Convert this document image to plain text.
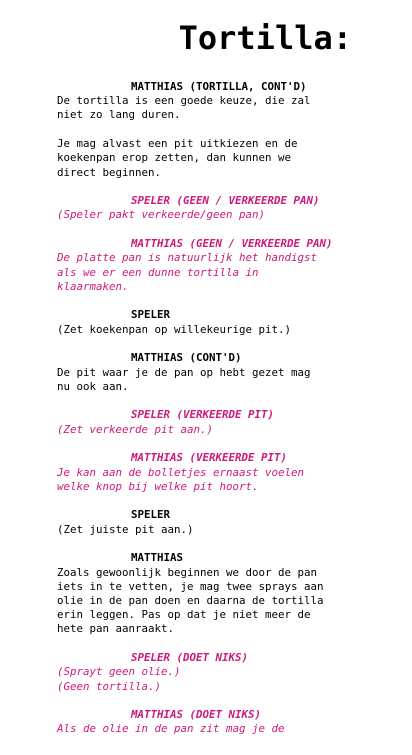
Tortilla:
MATTHIAS (TORTILLA, CONT'D)
De tortilla is een goede keuze, die zal
niet zo lang duren.
Je mag alvast een pit uitkiezen en de
koekenpan erop zetten, dan kunnen we
direct beginnen.
SPELER (GEEN / VERKEERDE PAN)
(Speler pakt verkeerde/geen pan)
MATTHIAS (GEEN / VERKEERDE PAN)
De platte pan is natuurlijk het handigst
als we er een dunne tortilla in
klaarmaken.
SPELER
(Zet koekenpan op willekeurige pit.)
MATTHIAS (CONT'D)
De pit waar je de pan op hebt gezet mag
nu ook aan.
SPELER (VERKEERDE PIT)
(Zet verkeerde pit aan.)
MATTHIAS (VERKEERDE PIT)
Je kan aan de bolletjes ernaast voelen
welke knop bij welke pit hoort.
SPELER
(Zet juiste pit aan.)
MATTHIAS
Zoals gewoonlijk beginnen we door de pan
iets in te vetten, je mag twee sprays aan
olie in de pan doen en daarna de tortilla
erin leggen. Pas op dat je niet meer de
hete pan aanraakt.
SPELER (DOET NIKS)
(Sprayt geen olie.)
(Geen tortilla.)
MATTHIAS (DOET NIKS)
Als de olie in de pan zit mag je de
